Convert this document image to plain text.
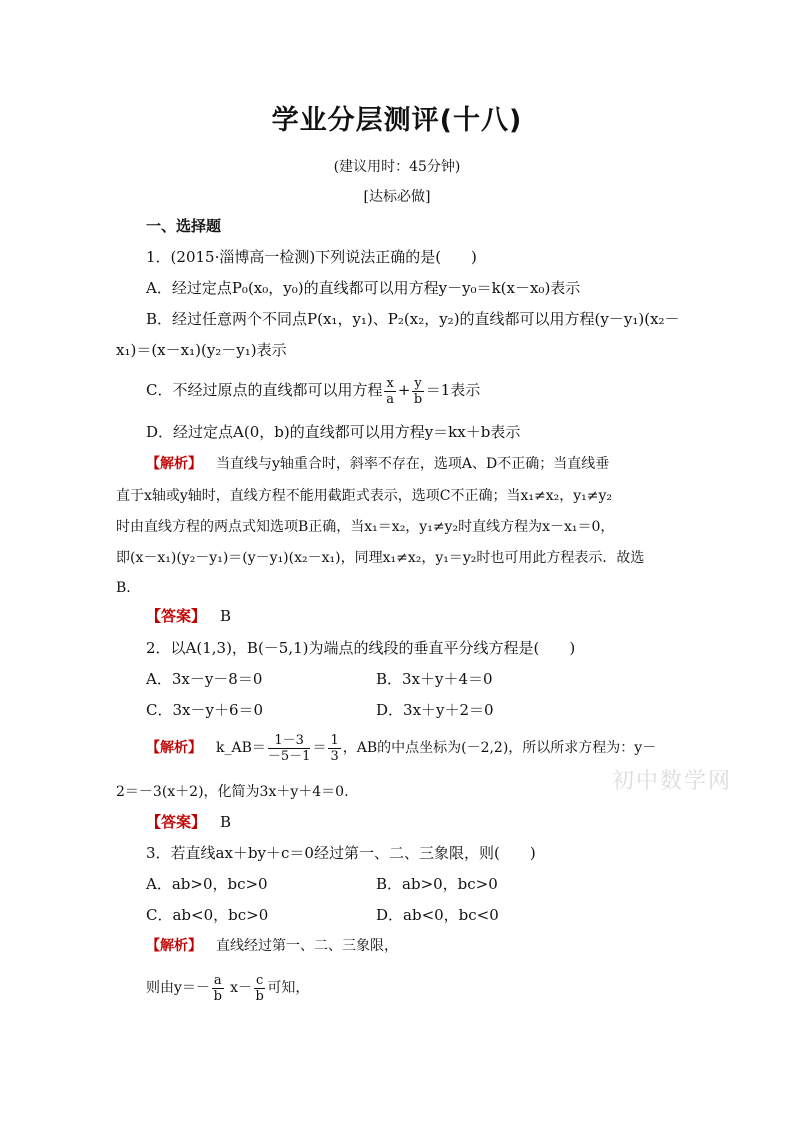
学业分层测评(十八)
(建议用时：45分钟)
[达标必做]
一、选择题
1．(2015·淄博高一检测)下列说法正确的是(　　)
A．经过定点P₀(x₀，y₀)的直线都可以用方程y－y₀＝k(x－x₀)表示
B．经过任意两个不同点P(x₁，y₁)、P₂(x₂，y₂)的直线都可以用方程(y－y₁)(x₂－
x₁)＝(x－x₁)(y₂－y₁)表示
C．不经过原点的直线都可以用方程 $\frac{x}{a} + \frac{y}{b} =1$表示
D．经过定点A(0，b)的直线都可以用方程y＝kx＋b表示
【解析】 当直线与y轴重合时，斜率不存在，选项A、D不正确；当直线垂
直于x轴或y轴时，直线方程不能用截距式表示，选项C不正确；当x₁≠x₂，y₁≠y₂
时由直线方程的两点式知选项B正确，当x₁＝x₂，y₁≠y₂时直线方程为x－x₁＝0，
即(x－x₁)(y₂－y₁)＝(y－y₁)(x₂－x₁)，同理x₁≠x₂，y₁＝y₂时也可用此方程表示．故选
B.
【答案】 B
2．以A(1,3)，B(－5,1)为端点的线段的垂直平分线方程是(　　)
A．3x－y－8＝0	B．3x＋y＋4＝0
C．3x－y＋6＝0	D．3x＋y＋2＝0
【解析】 k_AB＝ $\frac{1-3}{-5-1} = \frac{1}{3}$ ，AB的中点坐标为(－2,2)，所以所求方程为：y－
2＝－3(x＋2)，化简为3x＋y＋4＝0.
【答案】 B
3．若直线ax＋by＋c＝0经过第一、二、三象限，则(　　)
A．ab>0，bc>0	B．ab>0，bc>0
C．ab<0，bc>0	D．ab<0，bc<0
【解析】 直线经过第一、二、三象限，
则由$y=- \frac{a}{b} x- \frac{c}{b}$ 可知，
初中数学网
